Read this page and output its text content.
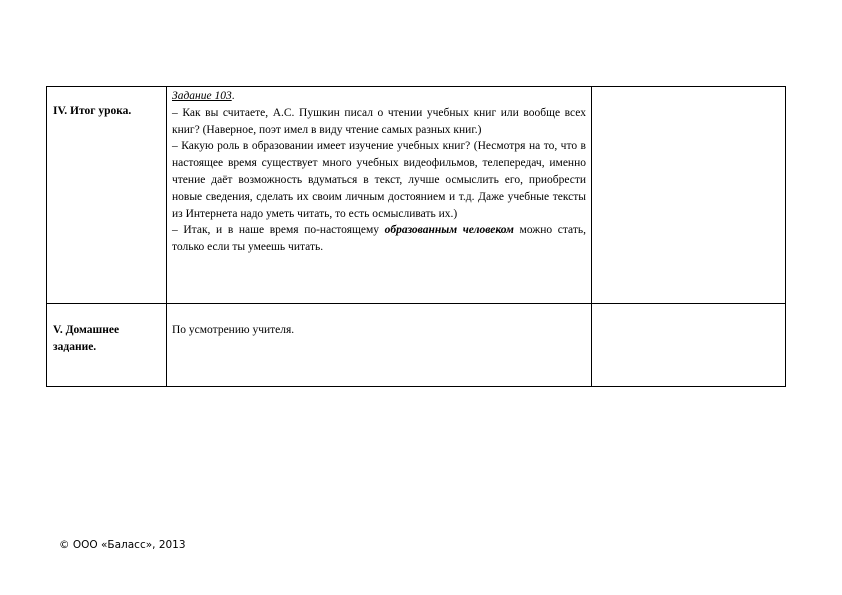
IV. Итог урока.	Задание 103.

– Как вы считаете, А.С. Пушкин писал о чтении учебных книг или вообще всех книг? (Наверное, поэт имел в виду чтение самых разных книг.)

– Какую роль в образовании имеет изучение учебных книг? (Несмотря на то, что в настоящее время существует много учебных видеофильмов, телепередач, именно чтение даёт возможность вдуматься в текст, лучше осмыслить его, приобрести новые сведения, сделать их своим личным достоянием и т.д. Даже учебные тексты из Интернета надо уметь читать, то есть осмысливать их.)

– Итак, и в наше время по-настоящему образованным человеком можно стать, только если ты умеешь читать.	

V. Домашнее задание.	По усмотрению учителя.	

© ООО «Баласс», 2013
